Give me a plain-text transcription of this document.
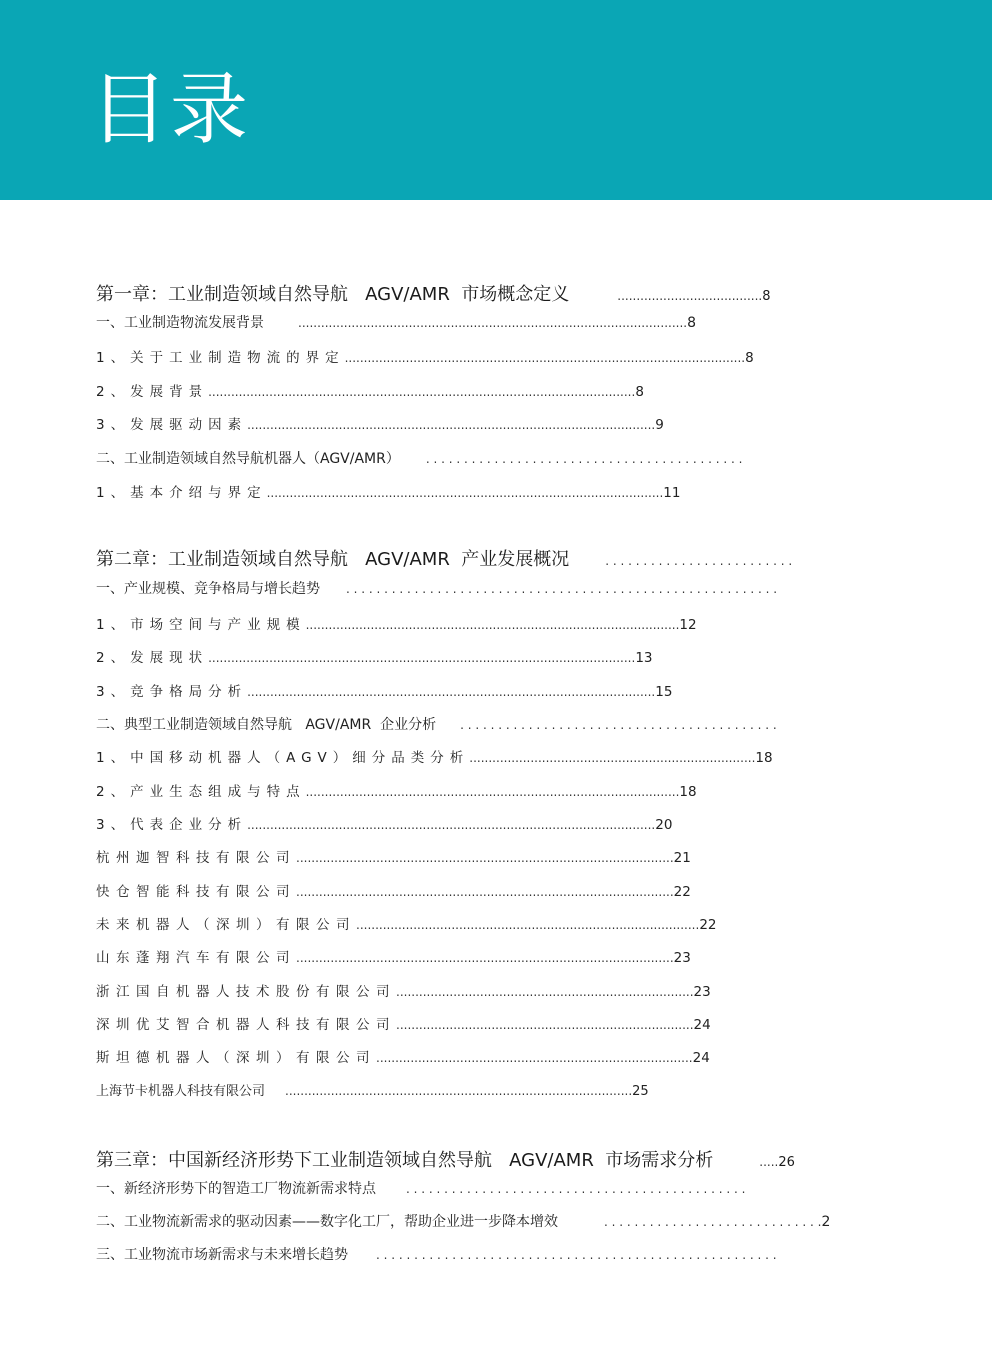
目录
第一章：工业制造领域自然导航   AGV/AMR  市场概念定义	...................................... 8
一、工业制造物流发展背景	...................................................................................................... 8
1、关于工业制造物流的界定 ......................................................................................................... 8
2、发展背景 ................................................................................................................ 8
3、发展驱动因素 ........................................................................................................... 9
二、工业制造领域自然导航机器人（AGV/AMR） . . . . . . . . . . . . . . . . . . . . . . . . . . . . . . . . . . . . . . . . . .
1、基本介绍与界定 ........................................................................................................ 11
第二章：工业制造领域自然导航   AGV/AMR  产业发展概况	. . . . . . . . . . . . . . . . . . . . . . . . .
一、产业规模、竞争格局与增长趋势 . . . . . . . . . . . . . . . . . . . . . . . . . . . . . . . . . . . . . . . . . . . . . . . . . . . . . . . . .
1、市场空间与产业规模 .................................................................................................. 12
2、发展现状 ................................................................................................................ 13
3、竞争格局分析 ........................................................................................................... 15
二、典型工业制造领域自然导航   AGV/AMR  企业分析 . . . . . . . . . . . . . . . . . . . . . . . . . . . . . . . . . . . . . . . . . .
1、中国移动机器人（AGV）细分品类分析 ........................................................................... 18
2、产业生态组成与特点 .................................................................................................. 18
3、代表企业分析 ........................................................................................................... 20
杭州迦智科技有限公司 ................................................................................................... 21
快仓智能科技有限公司 ................................................................................................... 22
未来机器人（深圳）有限公司 .......................................................................................... 22
山东蓬翔汽车有限公司 ................................................................................................... 23
浙江国自机器人技术股份有限公司 .............................................................................. 23
深圳优艾智合机器人科技有限公司 .............................................................................. 24
斯坦德机器人（深圳）有限公司 ................................................................................... 24
上海节卡机器人科技有限公司 ........................................................................................... 25
第三章：中国新经济形势下工业制造领域自然导航   AGV/AMR  市场需求分析	..... 26
一、新经济形势下的智造工厂物流新需求特点	. . . . . . . . . . . . . . . . . . . . . . . . . . . . . . . . . . . . . . . . . . . . .
二、工业物流新需求的驱动因素——数字化工厂，帮助企业进一步降本增效	. . . . . . . . . . . . . . . . . . . . . . . . . . . . . 2
三、工业物流市场新需求与未来增长趋势 . . . . . . . . . . . . . . . . . . . . . . . . . . . . . . . . . . . . . . . . . . . . . . . . . . . . .
